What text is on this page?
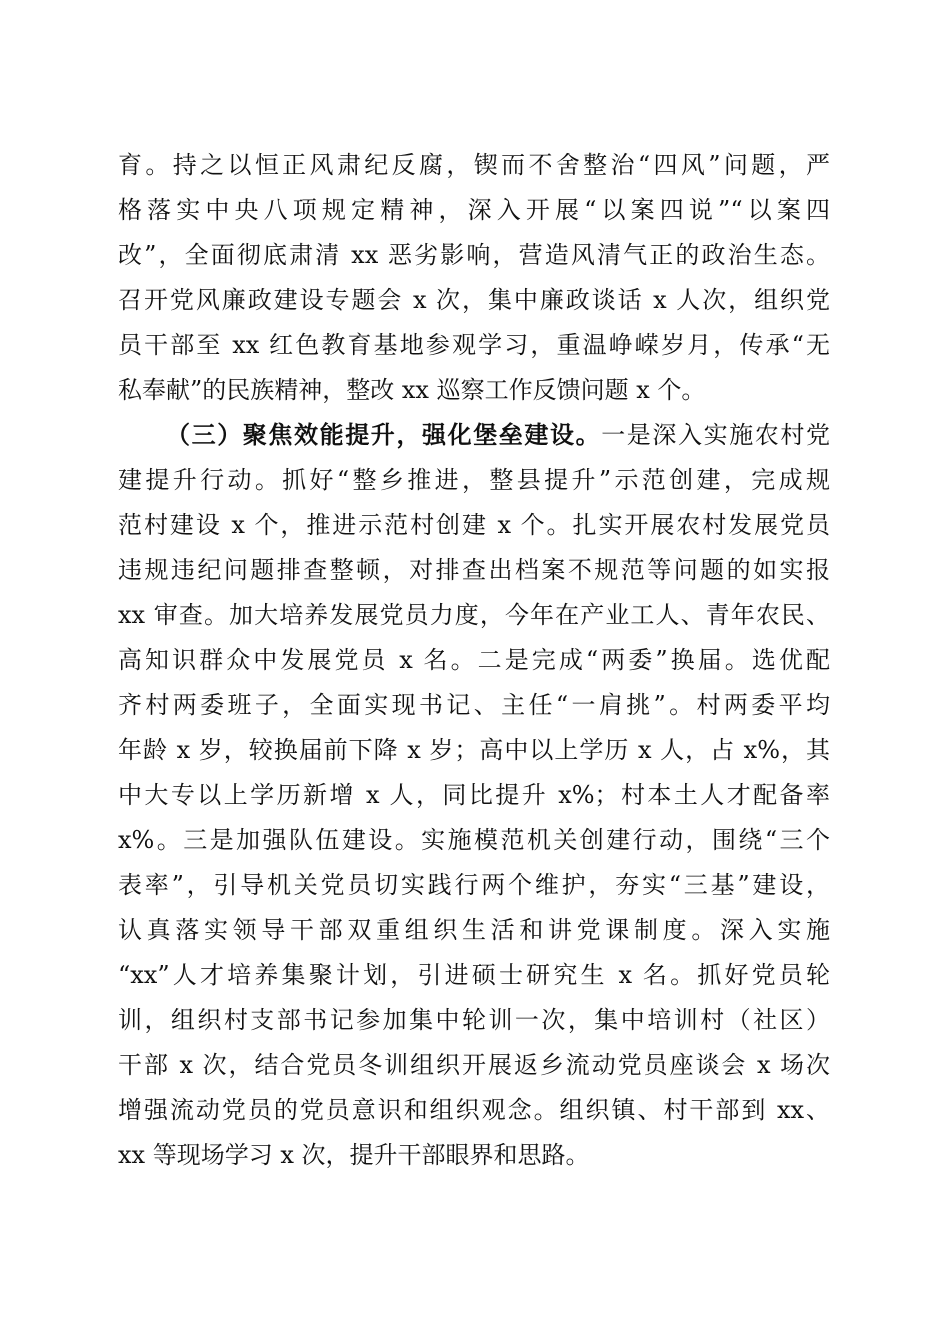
育。持之以恒正风肃纪反腐，锲而不舍整治“四风”问题，严
格落实中央八项规定精神，深入开展“以案四说”“以案四
改”，全面彻底肃清 xx 恶劣影响，营造风清气正的政治生态。
召开党风廉政建设专题会 x 次，集中廉政谈话 x 人次，组织党
员干部至 xx 红色教育基地参观学习，重温峥嵘岁月，传承“无
私奉献”的民族精神，整改 xx 巡察工作反馈问题 x 个。
（三）聚焦效能提升，强化堡垒建设。一是深入实施农村党
建提升行动。抓好“整乡推进，整县提升”示范创建，完成规
范村建设 x 个，推进示范村创建 x 个。扎实开展农村发展党员
违规违纪问题排查整顿，对排查出档案不规范等问题的如实报
xx 审查。加大培养发展党员力度，今年在产业工人、青年农民、
高知识群众中发展党员 x 名。二是完成“两委”换届。选优配
齐村两委班子，全面实现书记、主任“一肩挑”。村两委平均
年龄 x 岁，较换届前下降 x 岁；高中以上学历 x 人，占 x%，其
中大专以上学历新增 x 人，同比提升 x%；村本土人才配备率
x%。三是加强队伍建设。实施模范机关创建行动，围绕“三个
表率”，引导机关党员切实践行两个维护，夯实“三基”建设，
认真落实领导干部双重组织生活和讲党课制度。深入实施
“xx”人才培养集聚计划，引进硕士研究生 x 名。抓好党员轮
训，组织村支部书记参加集中轮训一次，集中培训村（社区）
干部 x 次，结合党员冬训组织开展返乡流动党员座谈会 x 场次
增强流动党员的党员意识和组织观念。组织镇、村干部到 xx、
xx 等现场学习 x 次，提升干部眼界和思路。
